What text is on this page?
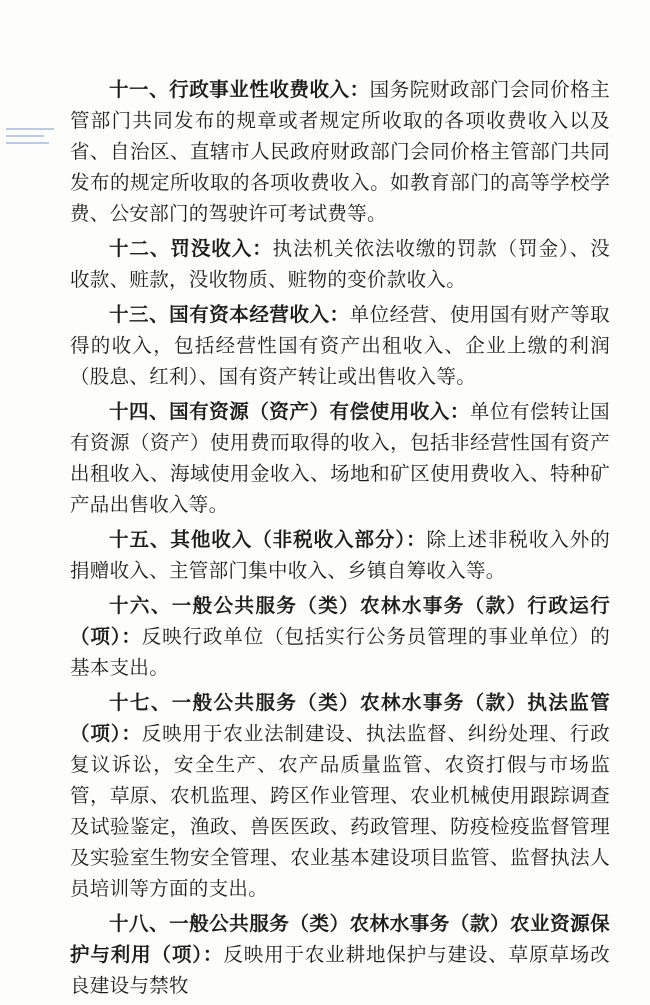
十一、行政事业性收费收入：国务院财政部门会同价格主管部门共同发布的规章或者规定所收取的各项收费收入以及省、自治区、直辖市人民政府财政部门会同价格主管部门共同发布的规定所收取的各项收费收入。如教育部门的高等学校学费、公安部门的驾驶许可考试费等。

十二、罚没收入：执法机关依法收缴的罚款（罚金）、没收款、赃款，没收物质、赃物的变价款收入。

十三、国有资本经营收入：单位经营、使用国有财产等取得的收入，包括经营性国有资产出租收入、企业上缴的利润（股息、红利）、国有资产转让或出售收入等。

十四、国有资源（资产）有偿使用收入：单位有偿转让国有资源（资产）使用费而取得的收入，包括非经营性国有资产出租收入、海域使用金收入、场地和矿区使用费收入、特种矿产品出售收入等。

十五、其他收入（非税收入部分）：除上述非税收入外的捐赠收入、主管部门集中收入、乡镇自筹收入等。

十六、一般公共服务（类）农林水事务（款）行政运行（项）：反映行政单位（包括实行公务员管理的事业单位）的基本支出。

十七、一般公共服务（类）农林水事务（款）执法监管（项）：反映用于农业法制建设、执法监督、纠纷处理、行政复议诉讼，安全生产、农产品质量监管、农资打假与市场监管，草原、农机监理、跨区作业管理、农业机械使用跟踪调查及试验鉴定，渔政、兽医医政、药政管理、防疫检疫监督管理及实验室生物安全管理、农业基本建设项目监管、监督执法人员培训等方面的支出。

十八、一般公共服务（类）农林水事务（款）农业资源保护与利用（项）：反映用于农业耕地保护与建设、草原草场改良建设与禁牧
